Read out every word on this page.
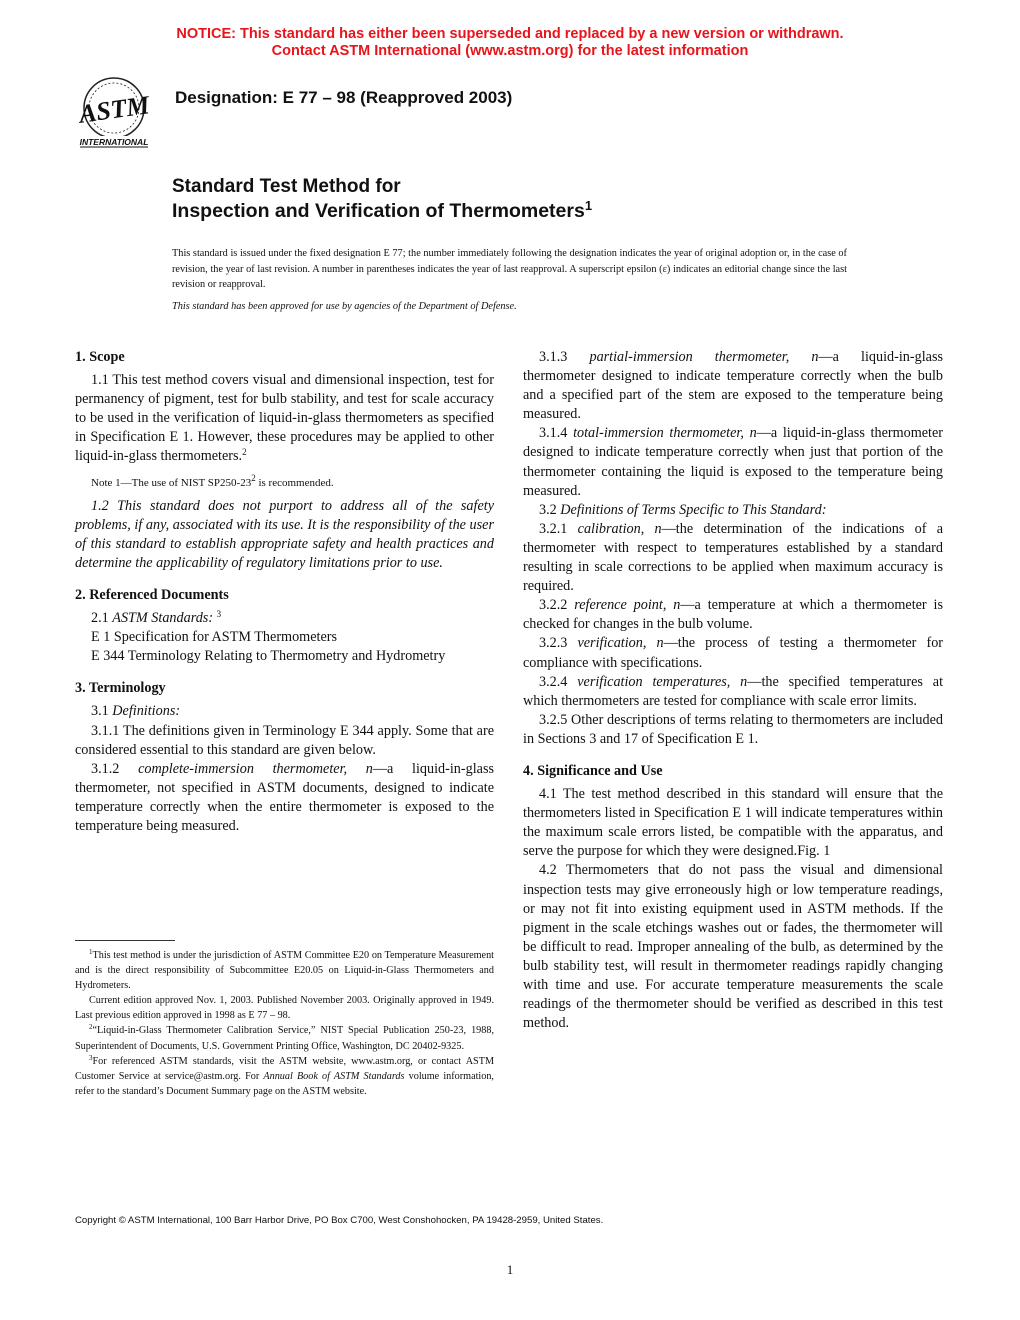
NOTICE: This standard has either been superseded and replaced by a new version or withdrawn.
Contact ASTM International (www.astm.org) for the latest information
ASTM
INTERNATIONAL
Designation: E 77 – 98 (Reapproved 2003)
Standard Test Method for
Inspection and Verification of Thermometers$^1$
This standard is issued under the fixed designation E 77; the number immediately following the designation indicates the year of original adoption or, in the case of revision, the year of last revision. A number in parentheses indicates the year of last reapproval. A superscript epsilon (ε) indicates an editorial change since the last revision or reapproval.
This standard has been approved for use by agencies of the Department of Defense.

1. Scope

1.1 This test method covers visual and dimensional inspection, test for permanency of pigment, test for bulb stability, and test for scale accuracy to be used in the verification of liquid-in-glass thermometers as specified in Specification E 1. However, these procedures may be applied to other liquid-in-glass thermometers.$^2$

Note 1—The use of NIST $SP250-23^2$ is recommended.

1.2 This standard does not purport to address all of the safety problems, if any, associated with its use. It is the responsibility of the user of this standard to establish appropriate safety and health practices and determine the applicability of regulatory limitations prior to use.

2. Referenced Documents

2.1 ASTM Standards: $^3$

E 1 Specification for ASTM Thermometers

E 344 Terminology Relating to Thermometry and Hydrometry

3. Terminology

3.1 Definitions:

3.1.1 The definitions given in Terminology E 344 apply. Some that are considered essential to this standard are given below.

3.1.2 complete-immersion thermometer, n—a liquid-in-glass thermometer, not specified in ASTM documents, designed to indicate temperature correctly when the entire thermometer is exposed to the temperature being measured.

3.1.3 partial-immersion thermometer, n—a liquid-in-glass thermometer designed to indicate temperature correctly when the bulb and a specified part of the stem are exposed to the temperature being measured.

3.1.4 total-immersion thermometer, n—a liquid-in-glass thermometer designed to indicate temperature correctly when just that portion of the thermometer containing the liquid is exposed to the temperature being measured.

3.2 Definitions of Terms Specific to This Standard:

3.2.1 calibration, n—the determination of the indications of a thermometer with respect to temperatures established by a standard resulting in scale corrections to be applied when maximum accuracy is required.

3.2.2 reference point, n—a temperature at which a thermometer is checked for changes in the bulb volume.

3.2.3 verification, n—the process of testing a thermometer for compliance with specifications.

3.2.4 verification temperatures, n—the specified temperatures at which thermometers are tested for compliance with scale error limits.

3.2.5 Other descriptions of terms relating to thermometers are included in Sections 3 and 17 of Specification E 1.

4. Significance and Use

4.1 The test method described in this standard will ensure that the thermometers listed in Specification E 1 will indicate temperatures within the maximum scale errors listed, be compatible with the apparatus, and serve the purpose for which they were designed.Fig. 1

4.2 Thermometers that do not pass the visual and dimensional inspection tests may give erroneously high or low temperature readings, or may not fit into existing equipment used in ASTM methods. If the pigment in the scale etchings washes out or fades, the thermometer will be difficult to read. Improper annealing of the bulb, as determined by the bulb stability test, will result in thermometer readings rapidly changing with time and use. For accurate temperature measurements the scale readings of the thermometer should be verified as described in this test method.

$^1$This test method is under the jurisdiction of ASTM Committee E20 on Temperature Measurement and is the direct responsibility of Subcommittee E20.05 on Liquid-in-Glass Thermometers and Hydrometers.

Current edition approved Nov. 1, 2003. Published November 2003. Originally approved in 1949. Last previous edition approved in 1998 as E 77 – 98.

$^2$“Liquid-in-Glass Thermometer Calibration Service,” NIST Special Publication 250-23, 1988, Superintendent of Documents, U.S. Government Printing Office, Washington, DC 20402-9325.

$^3$For referenced ASTM standards, visit the ASTM website, www.astm.org, or contact ASTM Customer Service at service@astm.org. For Annual Book of ASTM Standards volume information, refer to the standard’s Document Summary page on the ASTM website.

Copyright © ASTM International, 100 Barr Harbor Drive, PO Box C700, West Conshohocken, PA 19428-2959, United States.
1
